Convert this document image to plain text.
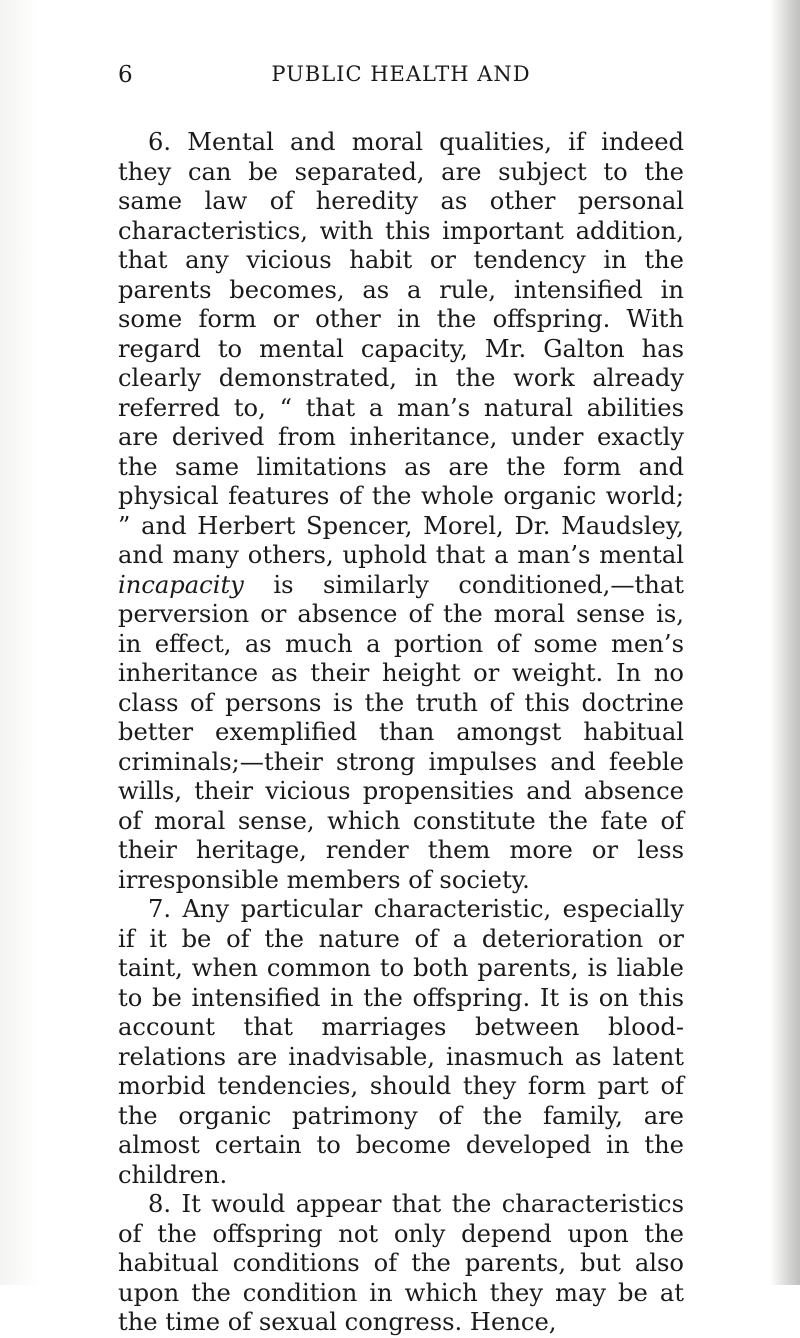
6	PUBLIC HEALTH AND

6. Mental and moral qualities, if indeed they can be separated, are subject to the same law of heredity as other personal characteristics, with this important addition, that any vicious habit or tendency in the parents becomes, as a rule, intensified in some form or other in the offspring. With regard to mental capacity, Mr. Galton has clearly demonstrated, in the work already referred to, “ that a man’s natural abilities are derived from inheritance, under exactly the same limitations as are the form and physical features of the whole organic world; ” and Herbert Spencer, Morel, Dr. Maudsley, and many others, uphold that a man’s mental incapacity is similarly conditioned,—that perversion or absence of the moral sense is, in effect, as much a portion of some men’s inheritance as their height or weight. In no class of persons is the truth of this doctrine better exemplified than amongst habitual criminals;—their strong impulses and feeble wills, their vicious propensities and absence of moral sense, which constitute the fate of their heritage, render them more or less irresponsible members of society.

7. Any particular characteristic, especially if it be of the nature of a deterioration or taint, when common to both parents, is liable to be intensified in the offspring. It is on this account that marriages between blood-relations are inadvisable, inasmuch as latent morbid tendencies, should they form part of the organic patrimony of the family, are almost certain to become developed in the children.

8. It would appear that the characteristics of the offspring not only depend upon the habitual conditions of the parents, but also upon the condition in which they may be at the time of sexual congress. Hence,
